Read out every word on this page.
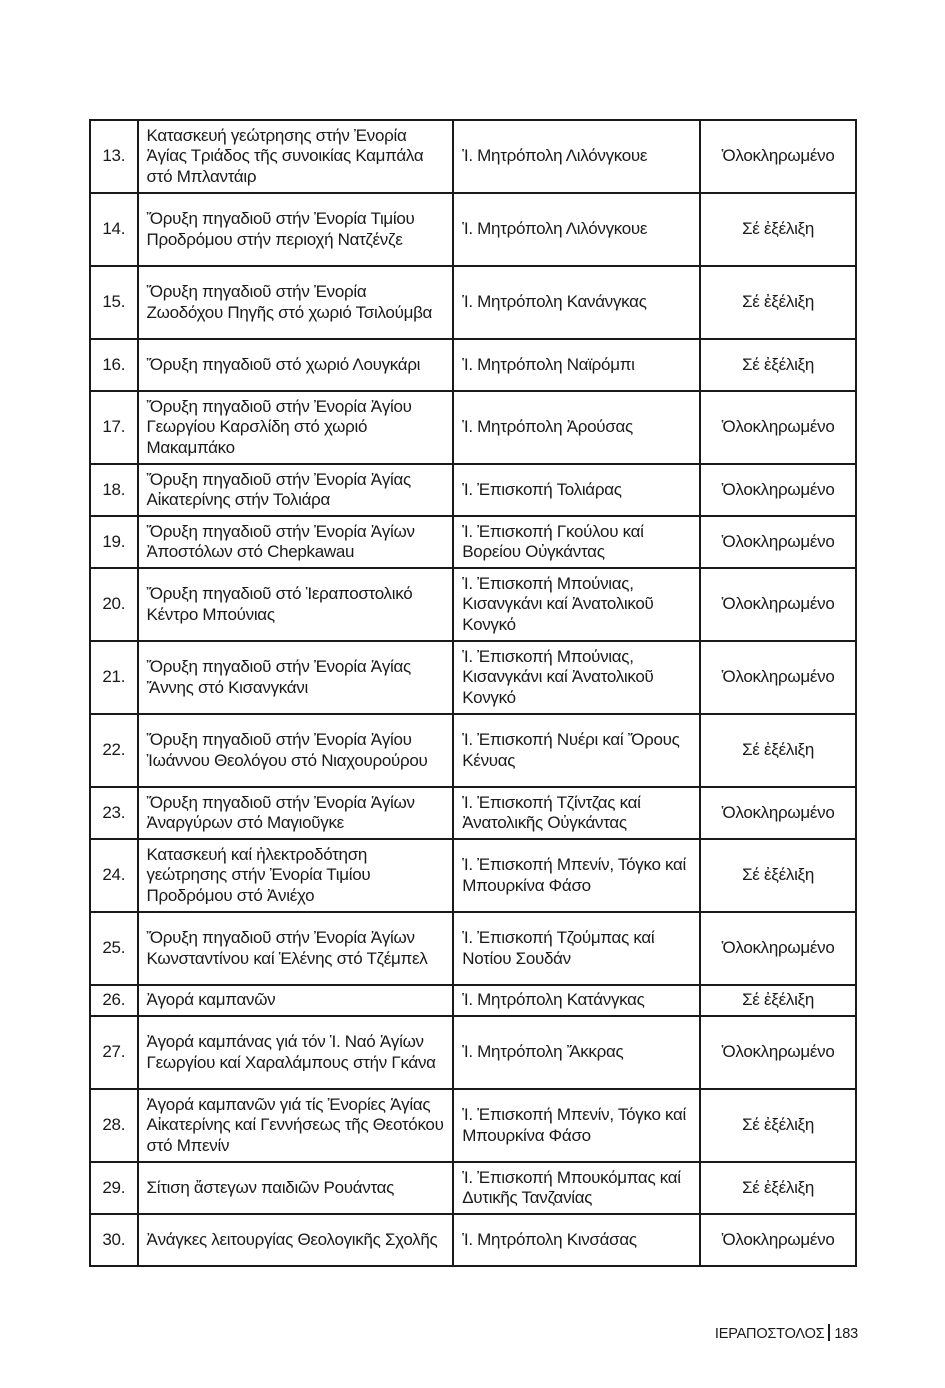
13.	Κατασκευή γεώτρησης στήν Ἐνορία Ἁγίας Τριάδος τῆς συνοικίας Καμπάλα στό Μπλαντάιρ	Ἱ. Μητρόπολη Λιλόνγκουε	Ὁλοκληρωμένο
14.	Ὄρυξη πηγαδιοῦ στήν Ἐνορία Τιμίου Προδρόμου στήν περιοχή Νατζένζε	Ἱ. Μητρόπολη Λιλόνγκουε	Σέ ἐξέλιξη
15.	Ὄρυξη πηγαδιοῦ στήν Ἐνορία Ζωοδόχου Πηγῆς στό χωριό Τσιλούμβα	Ἱ. Μητρόπολη Κανάνγκας	Σέ ἐξέλιξη
16.	Ὄρυξη πηγαδιοῦ στό χωριό Λουγκάρι	Ἱ. Μητρόπολη Ναϊρόμπι	Σέ ἐξέλιξη
17.	Ὄρυξη πηγαδιοῦ στήν Ἐνορία Ἁγίου Γεωργίου Καρσλίδη στό χωριό Μακαμπάκο	Ἱ. Μητρόπολη Ἀρούσας	Ὁλοκληρωμένο
18.	Ὄρυξη πηγαδιοῦ στήν Ἐνορία Ἁγίας Αἰκατερίνης στήν Τολιάρα	Ἱ. Ἐπισκοπή Τολιάρας	Ὁλοκληρωμένο
19.	Ὄρυξη πηγαδιοῦ στήν Ἐνορία Ἁγίων Ἀποστόλων στό Chepkawau	Ἱ. Ἐπισκοπή Γκούλου καί Βορείου Οὐγκάντας	Ὁλοκληρωμένο
20.	Ὄρυξη πηγαδιοῦ στό Ἱεραποστολικό Κέντρο Μπούνιας	Ἱ. Ἐπισκοπή Μπούνιας, Κισανγκάνι καί Ἀνατολικοῦ Κονγκό	Ὁλοκληρωμένο
21.	Ὄρυξη πηγαδιοῦ στήν Ἐνορία Ἁγίας Ἄννης στό Κισανγκάνι	Ἱ. Ἐπισκοπή Μπούνιας, Κισανγκάνι καί Ἀνατολικοῦ Κονγκό	Ὁλοκληρωμένο
22.	Ὄρυξη πηγαδιοῦ στήν Ἐνορία Ἁγίου Ἰωάννου Θεολόγου στό Νιαχουρούρου	Ἱ. Ἐπισκοπή Νυέρι καί Ὄρους Κένυας	Σέ ἐξέλιξη
23.	Ὄρυξη πηγαδιοῦ στήν Ἐνορία Ἁγίων Ἀναργύρων στό Μαγιοῦγκε	Ἱ. Ἐπισκοπή Τζίντζας καί Ἀνατολικῆς Οὐγκάντας	Ὁλοκληρωμένο
24.	Κατασκευή καί ἠλεκτροδότηση γεώτρησης στήν Ἐνορία Τιμίου Προδρόμου στό Ἀνιέχο	Ἱ. Ἐπισκοπή Μπενίν, Τόγκο καί Μπουρκίνα Φάσο	Σέ ἐξέλιξη
25.	Ὄρυξη πηγαδιοῦ στήν Ἐνορία Ἁγίων Κωνσταντίνου καί Ἑλένης στό Τζέμπελ	Ἱ. Ἐπισκοπή Τζούμπας καί Νοτίου Σουδάν	Ὁλοκληρωμένο
26.	Ἀγορά καμπανῶν	Ἱ. Μητρόπολη Κατάνγκας	Σέ ἐξέλιξη
27.	Ἀγορά καμπάνας γιά τόν Ἱ. Ναό Ἁγίων Γεωργίου καί Χαραλάμπους στήν Γκάνα	Ἱ. Μητρόπολη Ἄκκρας	Ὁλοκληρωμένο
28.	Ἀγορά καμπανῶν γιά τίς Ἐνορίες Ἁγίας Αἰκατερίνης καί Γεννήσεως τῆς Θεοτόκου στό Μπενίν	Ἱ. Ἐπισκοπή Μπενίν, Τόγκο καί Μπουρκίνα Φάσο	Σέ ἐξέλιξη
29.	Σίτιση ἄστεγων παιδιῶν Ρουάντας	Ἱ. Ἐπισκοπή Μπουκόμπας καί Δυτικῆς Τανζανίας	Σέ ἐξέλιξη
30.	Ἀνάγκες λειτουργίας Θεολογικῆς Σχολῆς	Ἱ. Μητρόπολη Κινσάσας	Ὁλοκληρωμένο
ΙΕΡΑΠΟΣΤΟΛΟΣ 183
